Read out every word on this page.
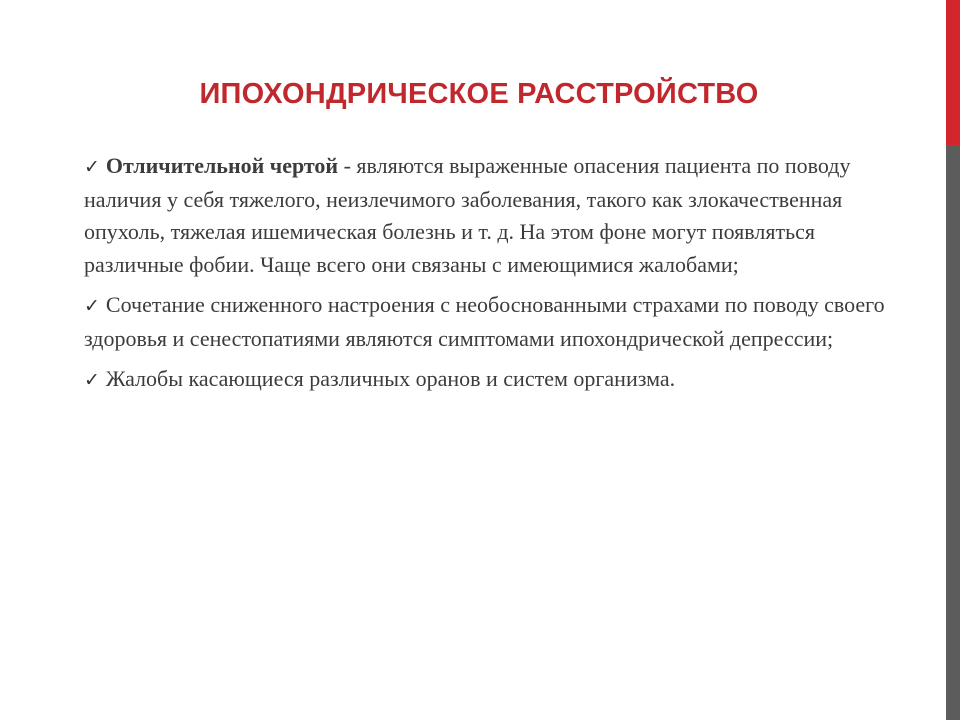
ИПОХОНДРИЧЕСКОЕ РАССТРОЙСТВО

✓ Отличительной чертой - являются выраженные опасения пациента по поводу наличия у себя тяжелого, неизлечимого заболевания, такого как злокачественная опухоль, тяжелая ишемическая болезнь и т. д. На этом фоне могут появляться различные фобии. Чаще всего они связаны с имеющимися жалобами;

✓ Сочетание сниженного настроения с необоснованными страхами по поводу своего здоровья и сенестопатиями являются симптомами ипохондрической депрессии;

✓ Жалобы касающиеся различных оранов и систем организма.
